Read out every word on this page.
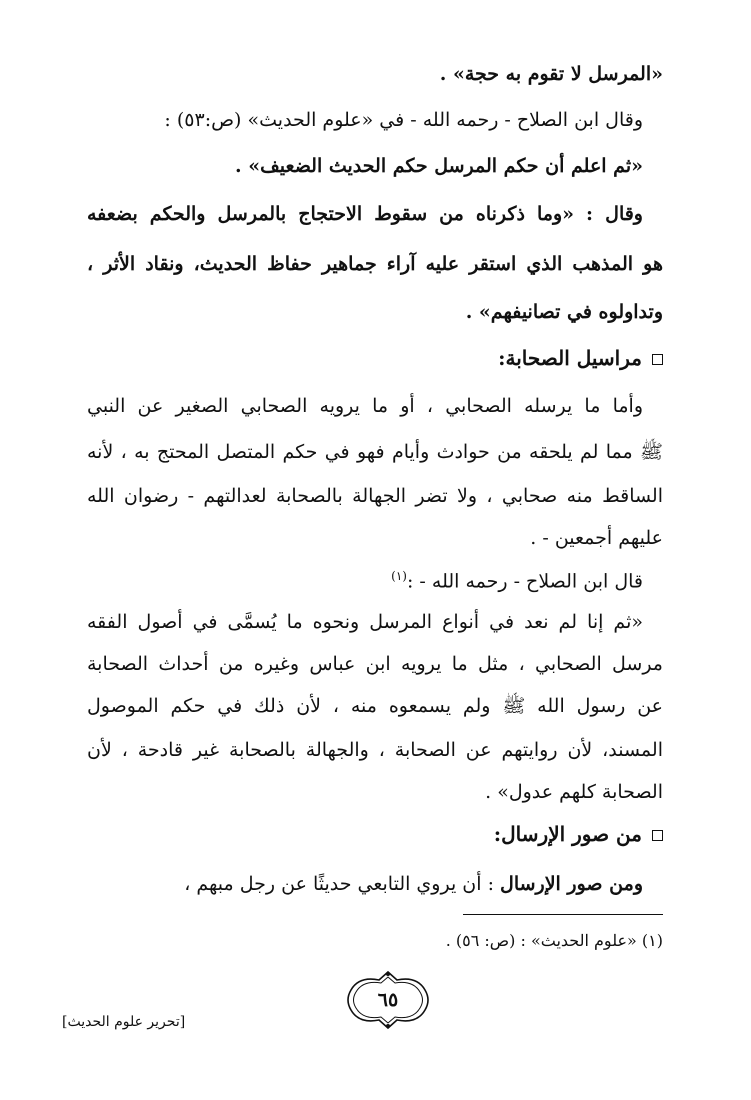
«المرسل لا تقوم به حجة» .
وقال ابن الصلاح - رحمه الله - في «علوم الحديث» (ص:٥٣) :
«ثم اعلم أن حكم المرسل حكم الحديث الضعيف» .
وقال : «وما ذكرناه من سقوط الاحتجاج بالمرسل والحكم بضعفه
هو المذهب الذي استقر عليه آراء جماهير حفاظ الحديث، ونقاد الأثر ،
وتداولوه في تصانيفهم» .
مراسيل الصحابة:
وأما ما يرسله الصحابي ، أو ما يرويه الصحابي الصغير عن النبي
ﷺ مما لم يلحقه من حوادث وأيام فهو في حكم المتصل المحتج به ، لأنه
الساقط منه صحابي ، ولا تضر الجهالة بالصحابة لعدالتهم - رضوان الله
عليهم أجمعين - .
قال ابن الصلاح - رحمه الله - :$^{(١)}$
«ثم إنا لم نعد في أنواع المرسل ونحوه ما يُسمَّى في أصول الفقه
مرسل الصحابي ، مثل ما يرويه ابن عباس وغيره من أحداث الصحابة
عن رسول الله ﷺ ولم يسمعوه منه ، لأن ذلك في حكم الموصول
المسند، لأن روايتهم عن الصحابة ، والجهالة بالصحابة غير قادحة ، لأن
الصحابة كلهم عدول» .
من صور الإرسال:
ومن صور الإرسال : أن يروي التابعي حديثًا عن رجل مبهم ،
(١) «علوم الحديث» : (ص: ٥٦) .
٦٥
[تحرير علوم الحديث]
